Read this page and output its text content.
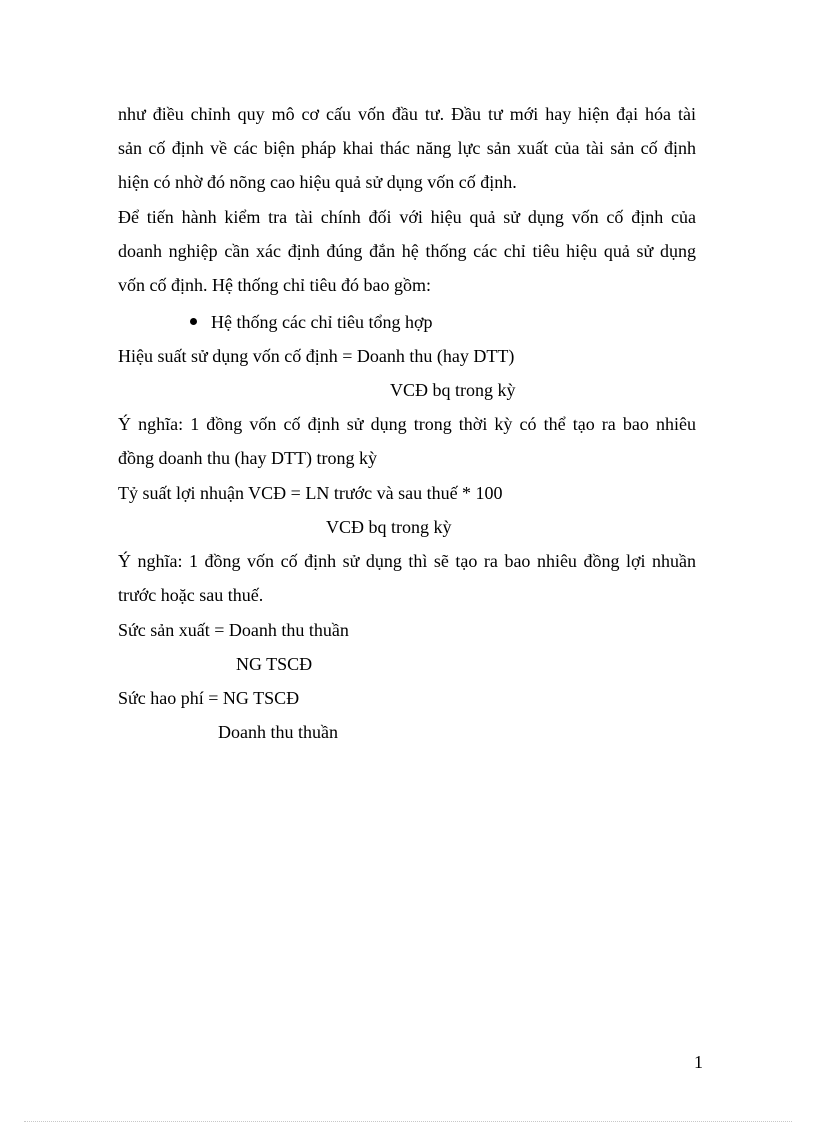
như điều chỉnh quy mô cơ cấu vốn đầu tư. Đầu tư mới hay hiện đại hóa tài
sản cố định về các biện pháp khai thác năng lực sản xuất của tài sản cố định
hiện có nhờ đó nõng cao hiệu quả sử dụng vốn cố định.
Để tiến hành kiểm tra tài chính đối với hiệu quả sử dụng vốn cố định của
doanh nghiệp cần xác định đúng đắn hệ thống các chỉ tiêu hiệu quả sử dụng
vốn cố định. Hệ thống chỉ tiêu đó bao gồm:
Hệ thống các chỉ tiêu tổng hợp
Hiệu suất sử dụng vốn cố định = Doanh thu (hay DTT)
VCĐ bq trong kỳ
Ý nghĩa: 1 đồng vốn cố định sử dụng trong thời kỳ có thể tạo ra bao nhiêu
đồng doanh thu (hay DTT) trong kỳ
Tỷ suất lợi nhuận VCĐ = LN trước và sau thuế * 100
VCĐ bq trong kỳ
Ý nghĩa: 1 đồng vốn cố định sử dụng thì sẽ tạo ra bao nhiêu đồng lợi nhuần
trước hoặc sau thuế.
Sức sản xuất = Doanh thu thuần
NG TSCĐ
Sức hao phí = NG TSCĐ
Doanh thu thuần
1
